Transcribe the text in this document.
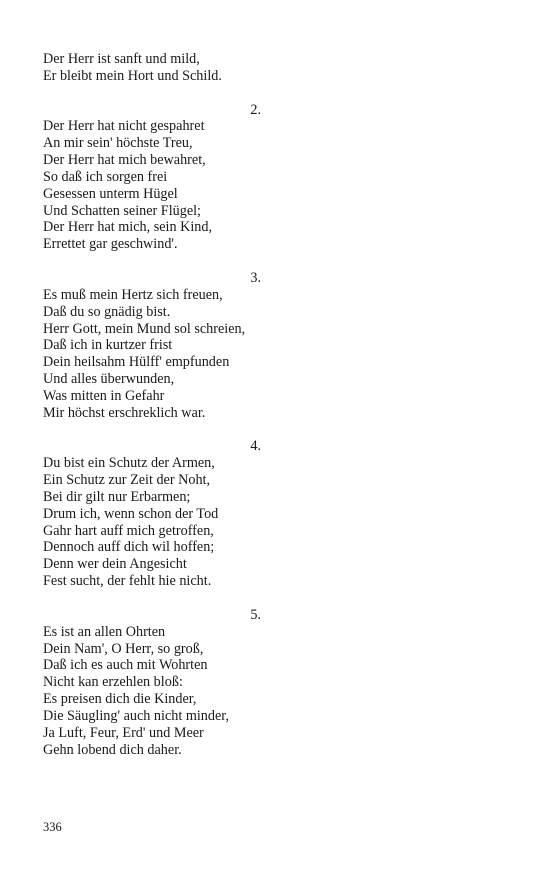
Der Herr ist sanft und mild,
Er bleibt mein Hort und Schild.
2.
Der Herr hat nicht gespahret
An mir sein' höchste Treu,
Der Herr hat mich bewahret,
So daß ich sorgen frei
Gesessen unterm Hügel
Und Schatten seiner Flügel;
Der Herr hat mich, sein Kind,
Errettet gar geschwind'.
3.
Es muß mein Hertz sich freuen,
Daß du so gnädig bist.
Herr Gott, mein Mund sol schreien,
Daß ich in kurtzer frist
Dein heilsahm Hülff' empfunden
Und alles überwunden,
Was mitten in Gefahr
Mir höchst erschreklich war.
4.
Du bist ein Schutz der Armen,
Ein Schutz zur Zeit der Noht,
Bei dir gilt nur Erbarmen;
Drum ich, wenn schon der Tod
Gahr hart auff mich getroffen,
Dennoch auff dich wil hoffen;
Denn wer dein Angesicht
Fest sucht, der fehlt hie nicht.
5.
Es ist an allen Ohrten
Dein Nam', O Herr, so groß,
Daß ich es auch mit Wohrten
Nicht kan erzehlen bloß:
Es preisen dich die Kinder,
Die Säugling' auch nicht minder,
Ja Luft, Feur, Erd' und Meer
Gehn lobend dich daher.
336
